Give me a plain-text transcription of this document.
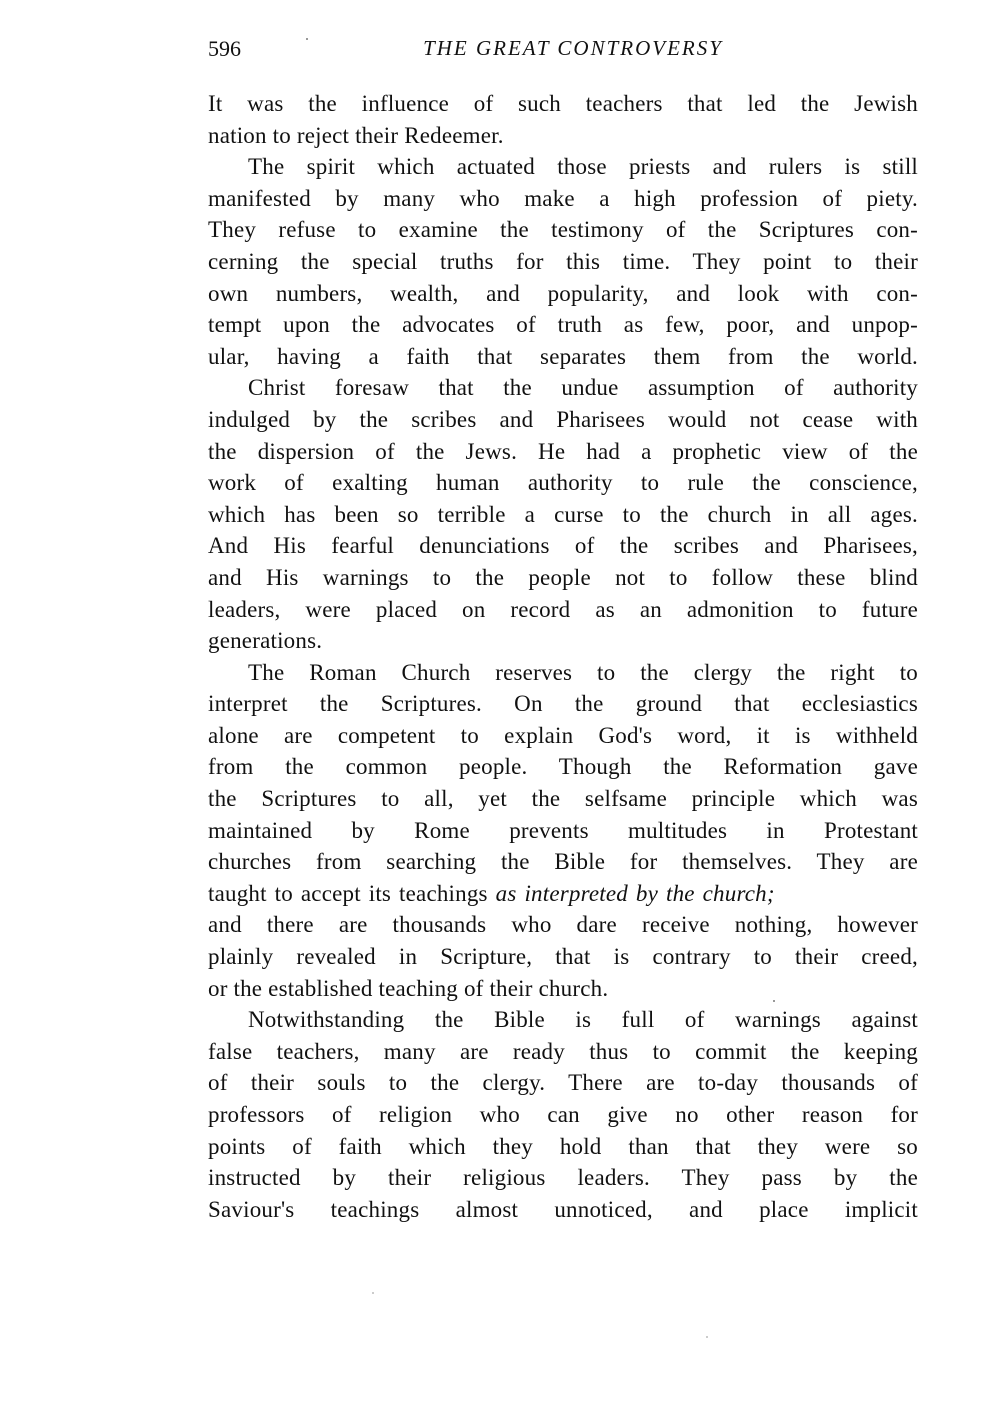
596	THE GREAT CONTROVERSY
It was the influence of such teachers that led the Jewish
nation to reject their Redeemer.
The spirit which actuated those priests and rulers is still
manifested by many who make a high profession of piety.
They refuse to examine the testimony of the Scriptures con-
cerning the special truths for this time. They point to their
own numbers, wealth, and popularity, and look with con-
tempt upon the advocates of truth as few, poor, and unpop-
ular, having a faith that separates them from the world.
Christ foresaw that the undue assumption of authority
indulged by the scribes and Pharisees would not cease with
the dispersion of the Jews. He had a prophetic view of the
work of exalting human authority to rule the conscience,
which has been so terrible a curse to the church in all ages.
And His fearful denunciations of the scribes and Pharisees,
and His warnings to the people not to follow these blind
leaders, were placed on record as an admonition to future
generations.
The Roman Church reserves to the clergy the right to
interpret the Scriptures. On the ground that ecclesiastics
alone are competent to explain God's word, it is withheld
from the common people. Though the Reformation gave
the Scriptures to all, yet the selfsame principle which was
maintained by Rome prevents multitudes in Protestant
churches from searching the Bible for themselves. They are
taught to accept its teachings as interpreted by the church;
and there are thousands who dare receive nothing, however
plainly revealed in Scripture, that is contrary to their creed,
or the established teaching of their church.
Notwithstanding the Bible is full of warnings against
false teachers, many are ready thus to commit the keeping
of their souls to the clergy. There are to-day thousands of
professors of religion who can give no other reason for
points of faith which they hold than that they were so
instructed by their religious leaders. They pass by the
Saviour's teachings almost unnoticed, and place implicit
